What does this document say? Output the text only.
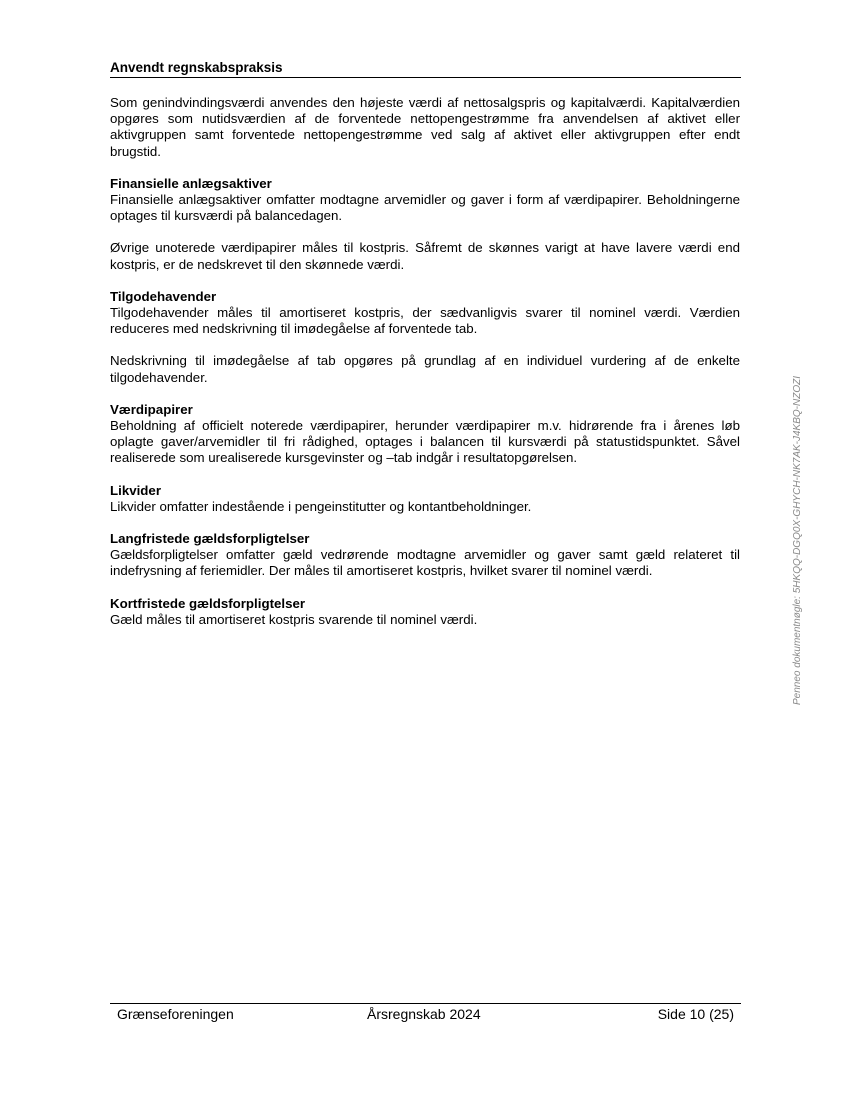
Anvendt regnskabspraksis

Som genindvindingsværdi anvendes den højeste værdi af nettosalgspris og kapitalværdi. Kapitalværdien opgøres som nutidsværdien af de forventede nettopengestrømme fra anvendelsen af aktivet eller aktivgruppen samt forventede nettopengestrømme ved salg af aktivet eller aktivgruppen efter endt brugstid.

Finansielle anlægsaktiver

Finansielle anlægsaktiver omfatter modtagne arvemidler og gaver i form af værdipapirer. Beholdningerne optages til kursværdi på balancedagen.

Øvrige unoterede værdipapirer måles til kostpris. Såfremt de skønnes varigt at have lavere værdi end kostpris, er de nedskrevet til den skønnede værdi.

Tilgodehavender

Tilgodehavender måles til amortiseret kostpris, der sædvanligvis svarer til nominel værdi. Værdien reduceres med nedskrivning til imødegåelse af forventede tab.

Nedskrivning til imødegåelse af tab opgøres på grundlag af en individuel vurdering af de enkelte tilgodehavender.

Værdipapirer

Beholdning af officielt noterede værdipapirer, herunder værdipapirer m.v. hidrørende fra i årenes løb oplagte gaver/arvemidler til fri rådighed, optages i balancen til kursværdi på statustidspunktet. Såvel realiserede som urealiserede kursgevinster og –tab indgår i resultatopgørelsen.

Likvider

Likvider omfatter indestående i pengeinstitutter og kontantbeholdninger.

Langfristede gældsforpligtelser

Gældsforpligtelser omfatter gæld vedrørende modtagne arvemidler og gaver samt gæld relateret til indefrysning af feriemidler. Der måles til amortiseret kostpris, hvilket svarer til nominel værdi.

Kortfristede gældsforpligtelser

Gæld måles til amortiseret kostpris svarende til nominel værdi.

Grænseforeningen	Årsregnskab 2024	Side 10 (25)
Penneo dokumentnøgle: 5HKQQ-DGQ0X-GHYCH-NK7AK-J4KBQ-NZOZI
